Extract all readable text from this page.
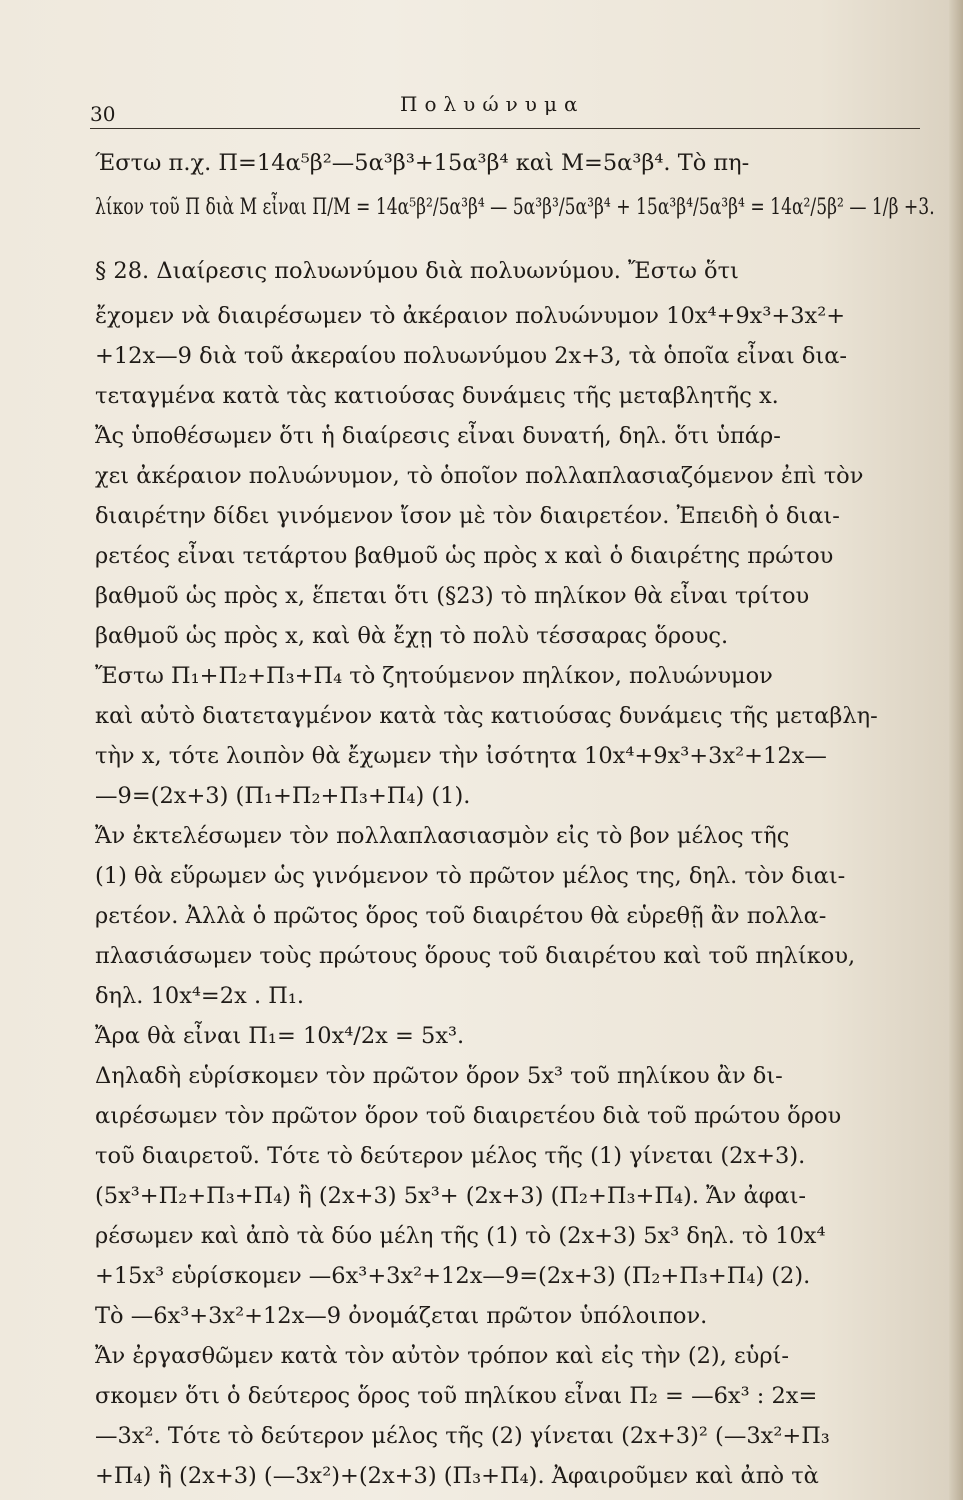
30	Πολυώνυμα
Έστω π.χ. Π=14α⁵β²—5α³β³+15α³β⁴ καὶ Μ=5α³β⁴. Τὸ πη-
λίκον τοῦ Π διὰ Μ εἶναι Π/Μ = 14α⁵β²/5α³β⁴ — 5α³β³/5α³β⁴ + 15α³β⁴/5α³β⁴ = 14α²/5β² — 1/β +3.
§ 28. Διαίρεσις πολυωνύμου διὰ πολυωνύμου. Ἔστω ὅτι
ἔχομεν νὰ διαιρέσωμεν τὸ ἀκέραιον πολυώνυμον 10x⁴+9x³+3x²+
+12x—9 διὰ τοῦ ἀκεραίου πολυωνύμου 2x+3, τὰ ὁποῖα εἶναι δια-
τεταγμένα κατὰ τὰς κατιούσας δυνάμεις τῆς μεταβλητῆς x.
Ἄς ὑποθέσωμεν ὅτι ἡ διαίρεσις εἶναι δυνατή, δηλ. ὅτι ὑπάρ-
χει ἀκέραιον πολυώνυμον, τὸ ὁποῖον πολλαπλασιαζόμενον ἐπὶ τὸν
διαιρέτην δίδει γινόμενον ἴσον μὲ τὸν διαιρετέον. Ἐπειδὴ ὁ διαι-
ρετέος εἶναι τετάρτου βαθμοῦ ὡς πρὸς x καὶ ὁ διαιρέτης πρώτου
βαθμοῦ ὡς πρὸς x, ἕπεται ὅτι (§23) τὸ πηλίκον θὰ εἶναι τρίτου
βαθμοῦ ὡς πρὸς x, καὶ θὰ ἔχῃ τὸ πολὺ τέσσαρας ὅρους.
Ἔστω Π₁+Π₂+Π₃+Π₄ τὸ ζητούμενον πηλίκον, πολυώνυμον
καὶ αὐτὸ διατεταγμένον κατὰ τὰς κατιούσας δυνάμεις τῆς μεταβλη-
τὴν x, τότε λοιπὸν θὰ ἔχωμεν τὴν ἰσότητα 10x⁴+9x³+3x²+12x—
—9=(2x+3) (Π₁+Π₂+Π₃+Π₄) (1).
Ἄν ἐκτελέσωμεν τὸν πολλαπλασιασμὸν εἰς τὸ βον μέλος τῆς
(1) θὰ εὕρωμεν ὡς γινόμενον τὸ πρῶτον μέλος της, δηλ. τὸν διαι-
ρετέον. Ἀλλὰ ὁ πρῶτος ὅρος τοῦ διαιρέτου θὰ εὑρεθῇ ἂν πολλα-
πλασιάσωμεν τοὺς πρώτους ὅρους τοῦ διαιρέτου καὶ τοῦ πηλίκου,
δηλ. 10x⁴=2x . Π₁.
Ἄρα θὰ εἶναι Π₁= 10x⁴/2x = 5x³.
Δηλαδὴ εὑρίσκομεν τὸν πρῶτον ὅρον 5x³ τοῦ πηλίκου ἂν δι-
αιρέσωμεν τὸν πρῶτον ὅρον τοῦ διαιρετέου διὰ τοῦ πρώτου ὅρου
τοῦ διαιρετοῦ. Τότε τὸ δεύτερον μέλος τῆς (1) γίνεται (2x+3).
(5x³+Π₂+Π₃+Π₄) ἢ (2x+3) 5x³+ (2x+3) (Π₂+Π₃+Π₄). Ἄν ἀφαι-
ρέσωμεν καὶ ἀπὸ τὰ δύο μέλη τῆς (1) τὸ (2x+3) 5x³ δηλ. τὸ 10x⁴
+15x³ εὑρίσκομεν —6x³+3x²+12x—9=(2x+3) (Π₂+Π₃+Π₄) (2).
Τὸ —6x³+3x²+12x—9 ὀνομάζεται πρῶτον ὑπόλοιπον.
Ἄν ἐργασθῶμεν κατὰ τὸν αὐτὸν τρόπον καὶ εἰς τὴν (2), εὑρί-
σκομεν ὅτι ὁ δεύτερος ὅρος τοῦ πηλίκου εἶναι Π₂ = —6x³ : 2x=
—3x². Τότε τὸ δεύτερον μέλος τῆς (2) γίνεται (2x+3)² (—3x²+Π₃
+Π₄) ἢ (2x+3) (—3x²)+(2x+3) (Π₃+Π₄). Ἀφαιροῦμεν καὶ ἀπὸ τὰ
